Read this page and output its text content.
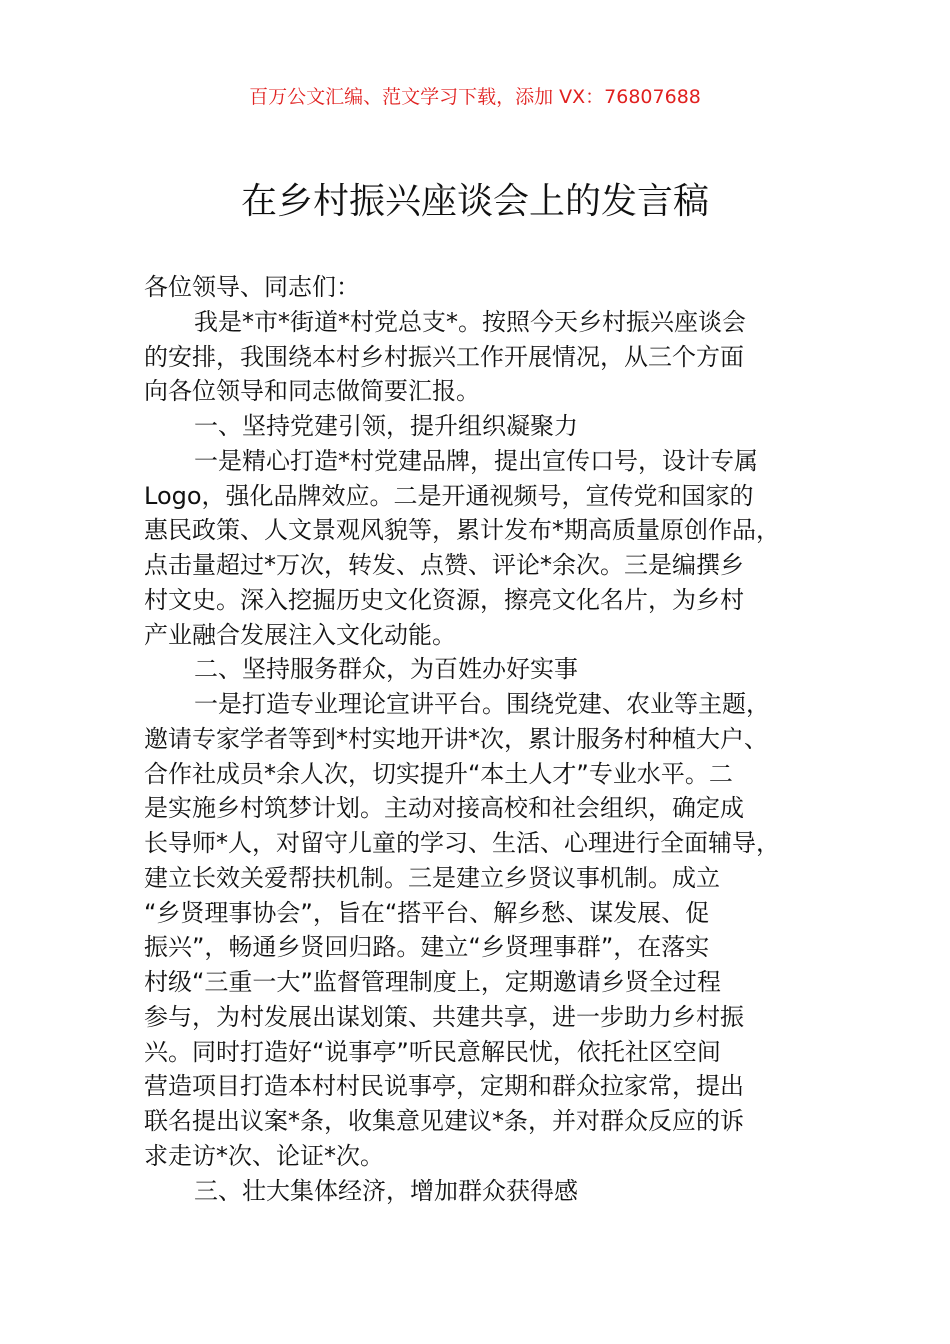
百万公文汇编、范文学习下载，添加 VX：76807688
在乡村振兴座谈会上的发言稿
各位领导、同志们：
我是*市*街道*村党总支*。按照今天乡村振兴座谈会
的安排，我围绕本村乡村振兴工作开展情况，从三个方面
向各位领导和同志做简要汇报。
一、坚持党建引领，提升组织凝聚力
一是精心打造*村党建品牌，提出宣传口号，设计专属
Logo，强化品牌效应。二是开通视频号，宣传党和国家的
惠民政策、人文景观风貌等，累计发布*期高质量原创作品，
点击量超过*万次，转发、点赞、评论*余次。三是编撰乡
村文史。深入挖掘历史文化资源，擦亮文化名片，为乡村
产业融合发展注入文化动能。
二、坚持服务群众，为百姓办好实事
一是打造专业理论宣讲平台。围绕党建、农业等主题，
邀请专家学者等到*村实地开讲*次，累计服务村种植大户、
合作社成员*余人次，切实提升“本土人才”专业水平。二
是实施乡村筑梦计划。主动对接高校和社会组织，确定成
长导师*人，对留守儿童的学习、生活、心理进行全面辅导，
建立长效关爱帮扶机制。三是建立乡贤议事机制。成立
“乡贤理事协会”，旨在“搭平台、解乡愁、谋发展、促
振兴”，畅通乡贤回归路。建立“乡贤理事群”，在落实
村级“三重一大”监督管理制度上，定期邀请乡贤全过程
参与，为村发展出谋划策、共建共享，进一步助力乡村振
兴。同时打造好“说事亭”听民意解民忧，依托社区空间
营造项目打造本村村民说事亭，定期和群众拉家常，提出
联名提出议案*条，收集意见建议*条，并对群众反应的诉
求走访*次、论证*次。
三、壮大集体经济，增加群众获得感
